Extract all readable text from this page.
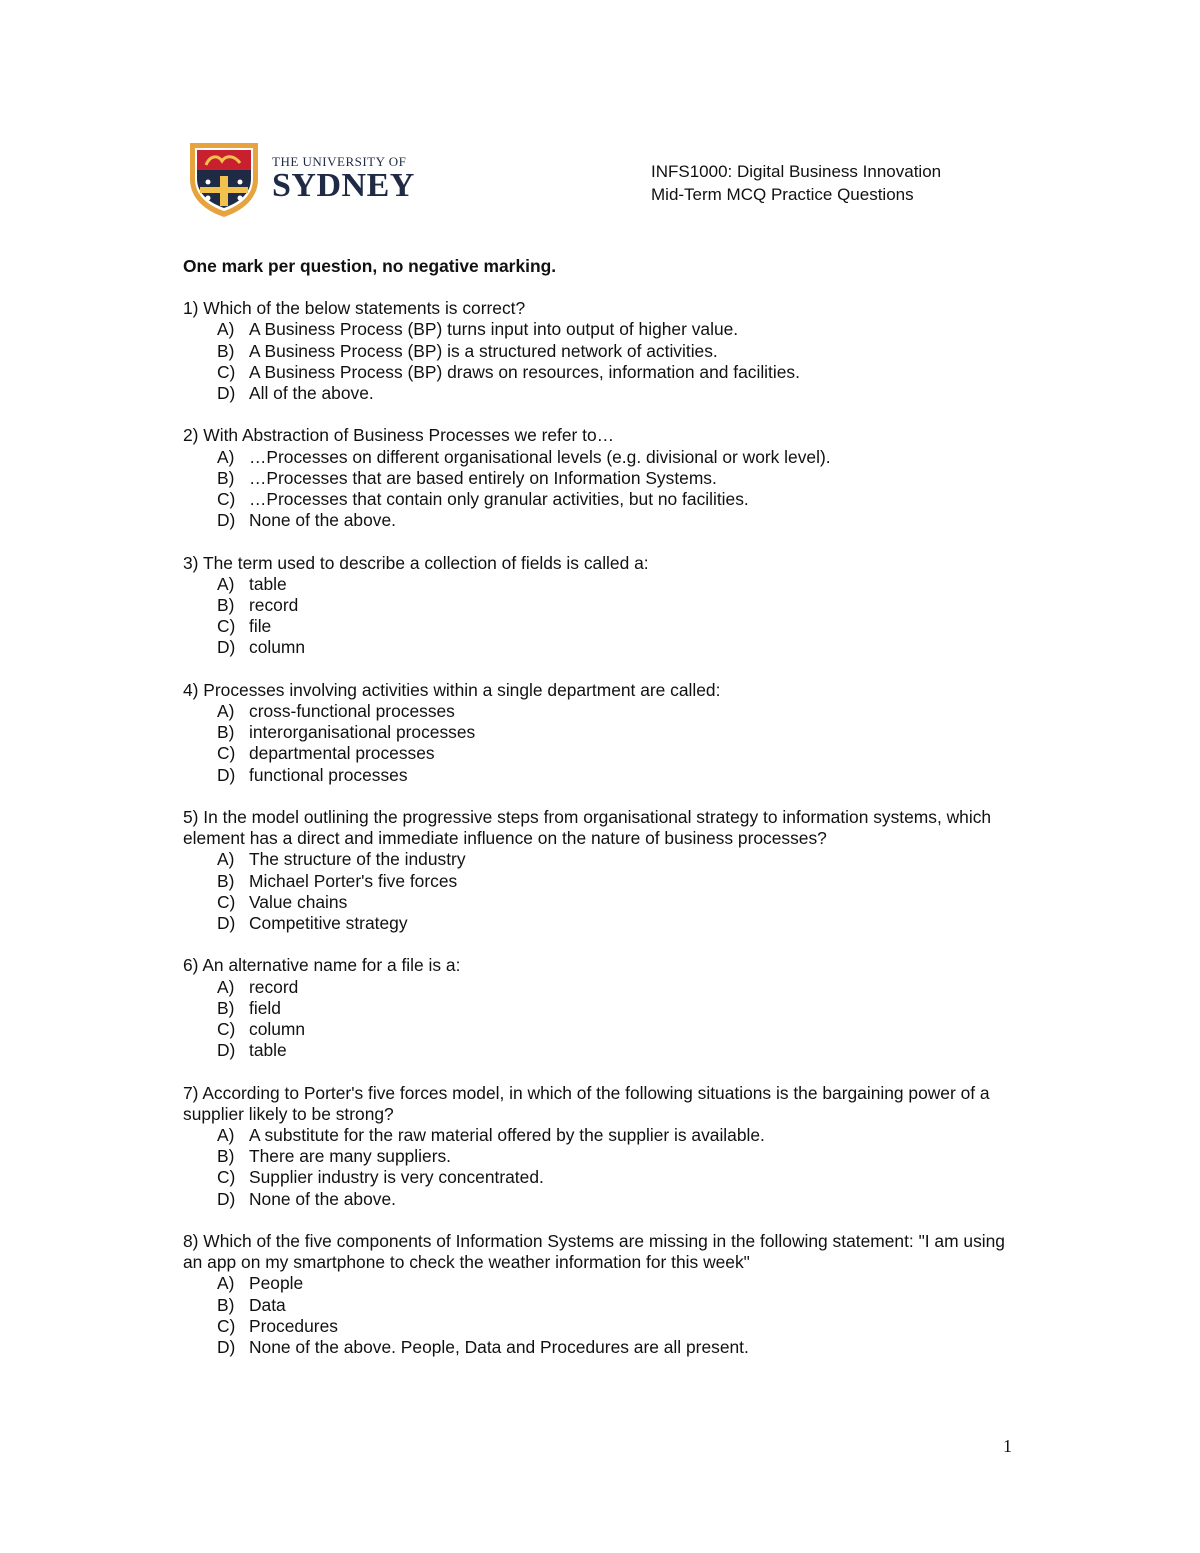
THE UNIVERSITY OF
SYDNEY	INFS1000: Digital Business Innovation
Mid-Term MCQ Practice Questions
One mark per question, no negative marking.
1) Which of the below statements is correct?
A) A Business Process (BP) turns input into output of higher value.
B) A Business Process (BP) is a structured network of activities.
C) A Business Process (BP) draws on resources, information and facilities.
D) All of the above.
2) With Abstraction of Business Processes we refer to…
A) …Processes on different organisational levels (e.g. divisional or work level).
B) …Processes that are based entirely on Information Systems.
C) …Processes that contain only granular activities, but no facilities.
D) None of the above.
3) The term used to describe a collection of fields is called a:
A) table
B) record
C) file
D) column
4) Processes involving activities within a single department are called:
A) cross-functional processes
B) interorganisational processes
C) departmental processes
D) functional processes
5) In the model outlining the progressive steps from organisational strategy to information systems, which element has a direct and immediate influence on the nature of business processes?
A) The structure of the industry
B) Michael Porter's five forces
C) Value chains
D) Competitive strategy
6) An alternative name for a file is a:
A) record
B) field
C) column
D) table
7) According to Porter's five forces model, in which of the following situations is the bargaining power of a supplier likely to be strong?
A) A substitute for the raw material offered by the supplier is available.
B) There are many suppliers.
C) Supplier industry is very concentrated.
D) None of the above.
8) Which of the five components of Information Systems are missing in the following statement: "I am using an app on my smartphone to check the weather information for this week"
A) People
B) Data
C) Procedures
D) None of the above. People, Data and Procedures are all present.
1
